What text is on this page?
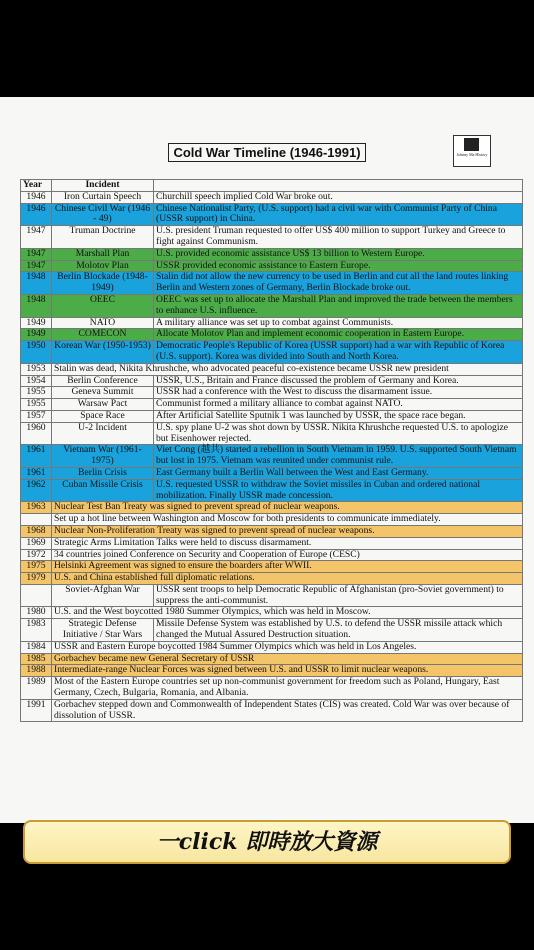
Cold War Timeline (1946-1991)	Johnny Ma History
Year	Incident	
1946	Iron Curtain Speech	Churchill speech implied Cold War broke out.
1946	Chinese Civil War (1946 - 49)	Chinese Nationalist Party, (U.S. support) had a civil war with Communist Party of China (USSR support) in China.
1947	Truman Doctrine	U.S. president Truman requested to offer US$ 400 million to support Turkey and Greece to fight against Communism.
1947	Marshall Plan	U.S. provided economic assistance US$ 13 billion to Western Europe.
1947	Molotov Plan	USSR provided economic assistance to Eastern Europe.
1948	Berlin Blockade (1948-1949)	Stalin did not allow the new currency to be used in Berlin and cut all the land routes linking Berlin and Western zones of Germany, Berlin Blockade broke out.
1948	OEEC	OEEC was set up to allocate the Marshall Plan and improved the trade between the members to enhance U.S. influence.
1949	NATO	A military alliance was set up to combat against Communists.
1949	COMECON	Allocate Molotov Plan and implement economic cooperation in Eastern Europe.
1950	Korean War (1950-1953)	Democratic People's Republic of Korea (USSR support) had a war with Republic of Korea (U.S. support). Korea was divided into South and North Korea.
1953	Stalin was dead, Nikita Khrushche, who advocated peaceful co-existence became USSR new president	
1954	Berlin Conference	USSR, U.S., Britain and France discussed the problem of Germany and Korea.
1955	Geneva Summit	USSR had a conference with the West to discuss the disarmament issue.
1955	Warsaw Pact	Communist formed a military alliance to combat against NATO.
1957	Space Race	After Artificial Satellite Sputnik 1 was launched by USSR, the space race began.
1960	U-2 Incident	U.S. spy plane U-2 was shot down by USSR. Nikita Khrushche requested U.S. to apologize but Eisenhower rejected.
1961	Vietnam War (1961-1975)	Viet Cong (越共) started a rebellion in South Vietnam in 1959. U.S. supported South Vietnam but lost in 1975. Vietnam was reunited under communist rule.
1961	Berlin Crisis	East Germany built a Berlin Wall between the West and East Germany.
1962	Cuban Missile Crisis	U.S. requested USSR to withdraw the Soviet missiles in Cuban and ordered national mobilization. Finally USSR made concession.
1963	Nuclear Test Ban Treaty was signed to prevent spread of nuclear weapons.	
	Set up a hot line between Washington and Moscow for both presidents to communicate immediately.	
1968	Nuclear Non-Proliferation Treaty was signed to prevent spread of nuclear weapons.	
1969	Strategic Arms Limitation Talks were held to discuss disarmament.	
1972	34 countries joined Conference on Security and Cooperation of Europe (CESC)	
1975	Helsinki Agreement was signed to ensure the boarders after WWII.	
1979	U.S. and China established full diplomatic relations.	
	Soviet-Afghan War	USSR sent troops to help Democratic Republic of Afghanistan (pro-Soviet government) to suppress the anti-communist.
1980	U.S. and the West boycotted 1980 Summer Olympics, which was held in Moscow.	
1983	Strategic Defense Initiative / Star Wars	Missile Defense System was established by U.S. to defend the USSR missile attack which changed the Mutual Assured Destruction situation.
1984	USSR and Eastern Europe boycotted 1984 Summer Olympics which was held in Los Angeles.	
1985	Gorbachev became new General Secretary of USSR	
1988	Intermediate-range Nuclear Forces was signed between U.S. and USSR to limit nuclear weapons.	
1989	Most of the Eastern Europe countries set up non-communist government for freedom such as Poland, Hungary, East Germany, Czech, Bulgaria, Romania, and Albania.	
1991	Gorbachev stepped down and Commonwealth of Independent States (CIS) was created. Cold War was over because of dissolution of USSR.	
一click 即時放大資源
